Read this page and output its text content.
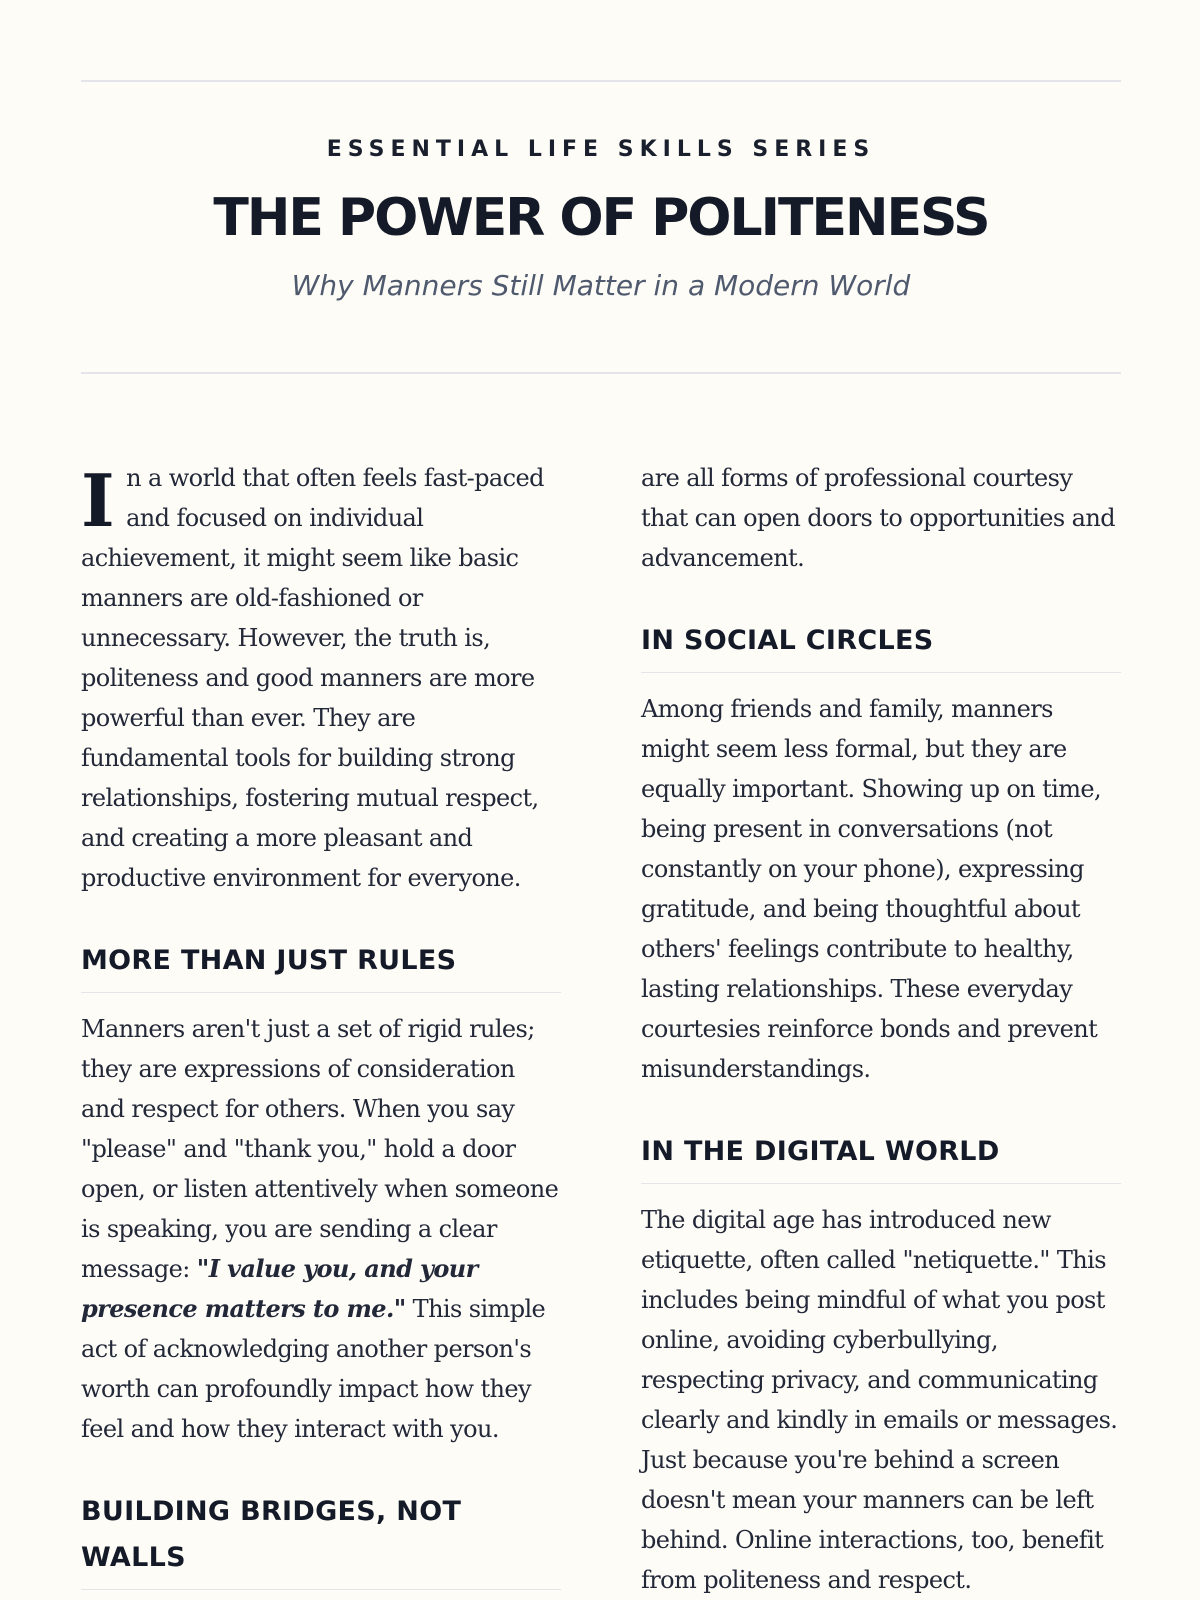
ESSENTIAL LIFE SKILLS SERIES

THE POWER OF POLITENESS

Why Manners Still Matter in a Modern World

In a world that often feels fast-paced and focused on individual achievement, it might seem like basic manners are old-fashioned or unnecessary. However, the truth is, politeness and good manners are more powerful than ever. They are fundamental tools for building strong relationships, fostering mutual respect, and creating a more pleasant and productive environment for everyone.

MORE THAN JUST RULES

Manners aren't just a set of rigid rules; they are expressions of consideration and respect for others. When you say "please" and "thank you," hold a door open, or listen attentively when someone is speaking, you are sending a clear message: "I value you, and your presence matters to me." This simple act of acknowledging another person's worth can profoundly impact how they feel and how they interact with you.

BUILDING BRIDGES, NOT WALLS

are all forms of professional courtesy that can open doors to opportunities and advancement.

IN SOCIAL CIRCLES

Among friends and family, manners might seem less formal, but they are equally important. Showing up on time, being present in conversations (not constantly on your phone), expressing gratitude, and being thoughtful about others' feelings contribute to healthy, lasting relationships. These everyday courtesies reinforce bonds and prevent misunderstandings.

IN THE DIGITAL WORLD

The digital age has introduced new etiquette, often called "netiquette." This includes being mindful of what you post online, avoiding cyberbullying, respecting privacy, and communicating clearly and kindly in emails or messages. Just because you're behind a screen doesn't mean your manners can be left behind. Online interactions, too, benefit from politeness and respect.
